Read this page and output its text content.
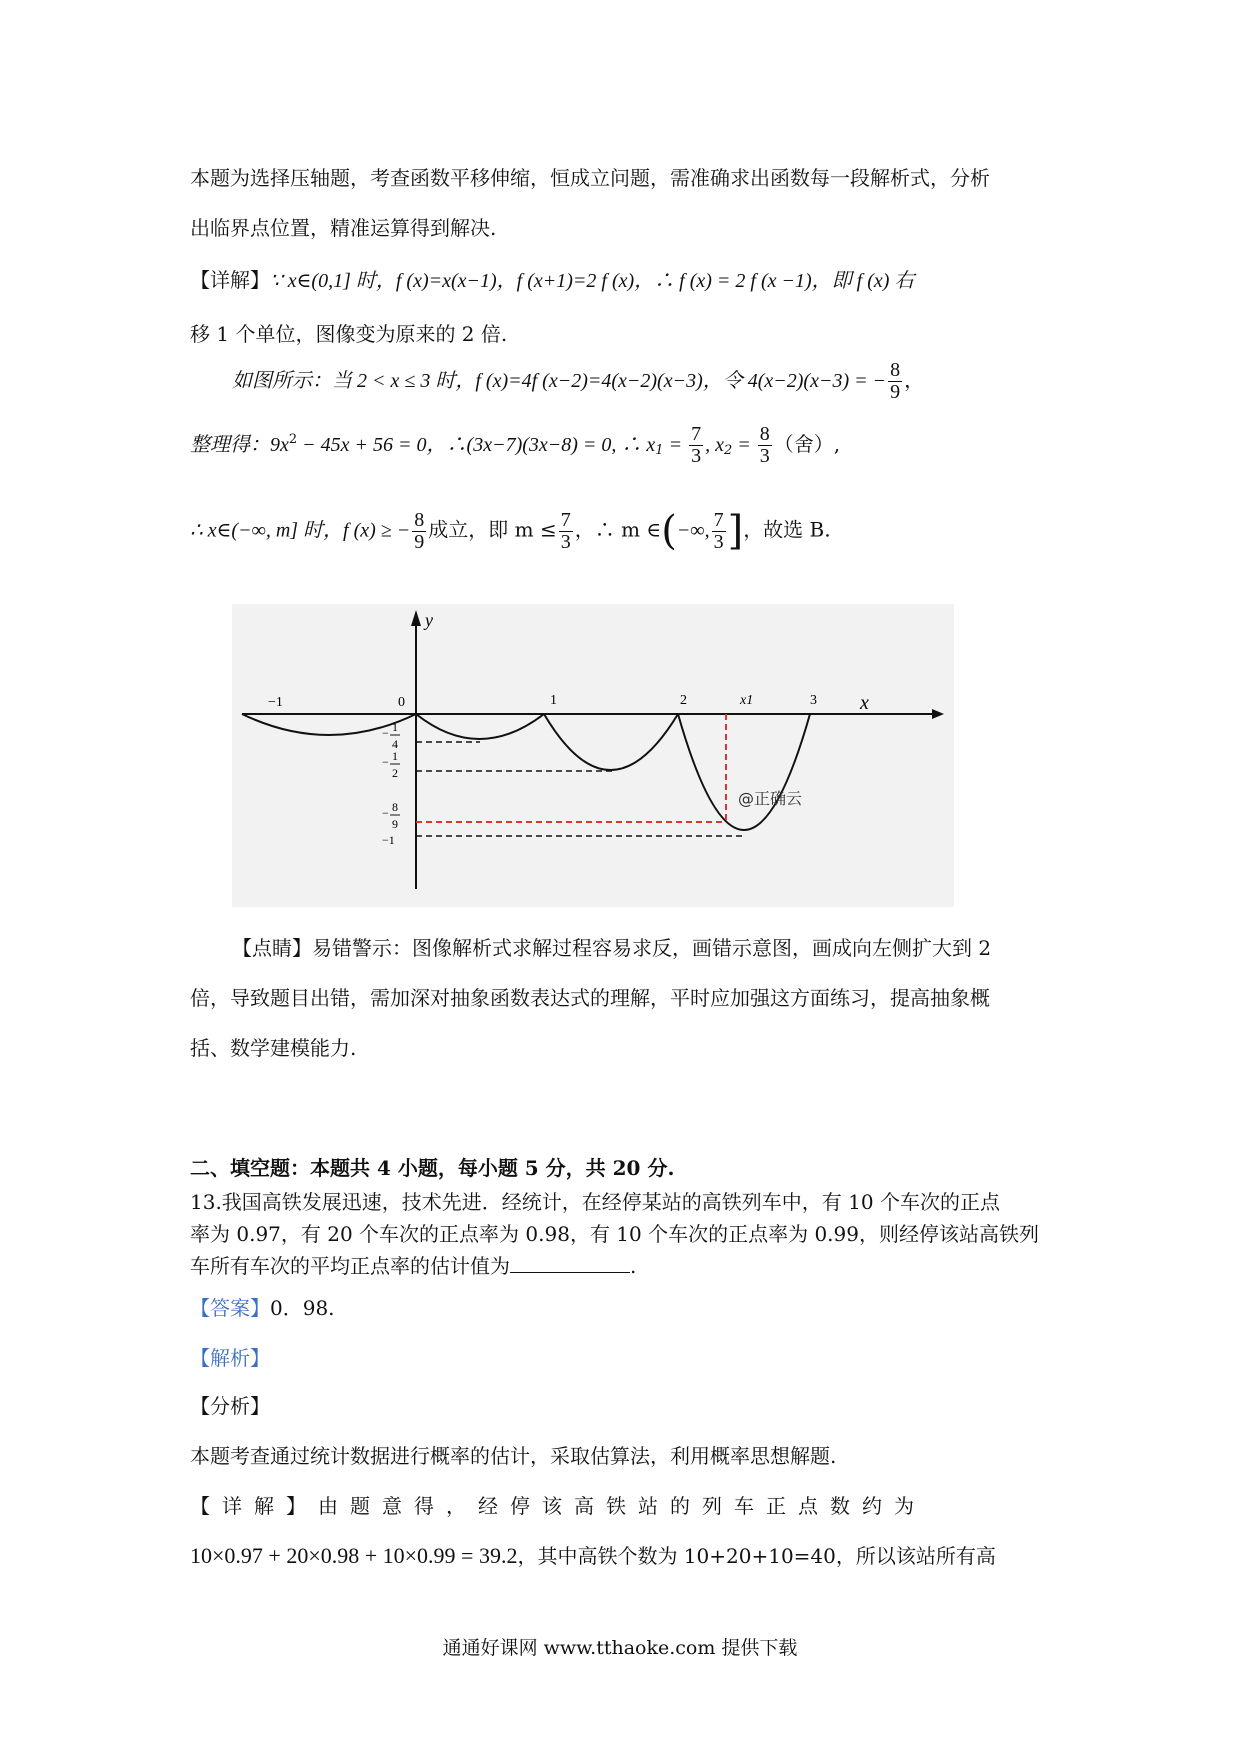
本题为选择压轴题，考查函数平移伸缩，恒成立问题，需准确求出函数每一段解析式，分析
出临界点位置，精准运算得到解决.
【详解】∵ x∈(0,1] 时，f (x)=x(x−1)，f (x+1)=2 f (x)，∴ f (x) = 2 f (x −1)，即 f (x) 右
移 1 个单位，图像变为原来的 2 倍.
如图所示：当 2 < x ≤ 3 时，f (x)=4f (x−2)=4(x−2)(x−3)，令 4(x−2)(x−3) = − $\frac{8}{9}$ ，
整理得：$9x^2 - 45x + 56 = 0$，∴(3x−7)(3x−8) = 0, ∴ $x_1 = \frac{7}{3}$ , $x_2 = \frac{8}{3}$ （舍）,
∴ x∈(−∞, m] 时，f (x) ≥ − $\frac{8}{9}$ 成立，即 $m \le \frac{7}{3}$ ，∴ m ∈(−∞, $\frac{7}{3}$ ]，故选 B.
y
x
−1	0	1	2	x1	3
− 1
4
− 1
2
− 8
9
−1
@正确云
【点睛】易错警示：图像解析式求解过程容易求反，画错示意图，画成向左侧扩大到 2
倍，导致题目出错，需加深对抽象函数表达式的理解，平时应加强这方面练习，提高抽象概
括、数学建模能力.
二、填空题：本题共 4 小题，每小题 5 分，共 20 分.
13.我国高铁发展迅速，技术先进．经统计，在经停某站的高铁列车中，有 10 个车次的正点
率为 0.97，有 20 个车次的正点率为 0.98，有 10 个车次的正点率为 0.99，则经停该站高铁列
车所有车次的平均正点率的估计值为	.
【答案】0．98.
【解析】
【分析】
本题考查通过统计数据进行概率的估计，采取估算法，利用概率思想解题.
【详解】由题意得，经停该高铁站的列车正点数约为
10×0.97 + 20×0.98 + 10×0.99 = 39.2，其中高铁个数为 10+20+10=40，所以该站所有高
通通好课网 www.tthaoke.com 提供下载
